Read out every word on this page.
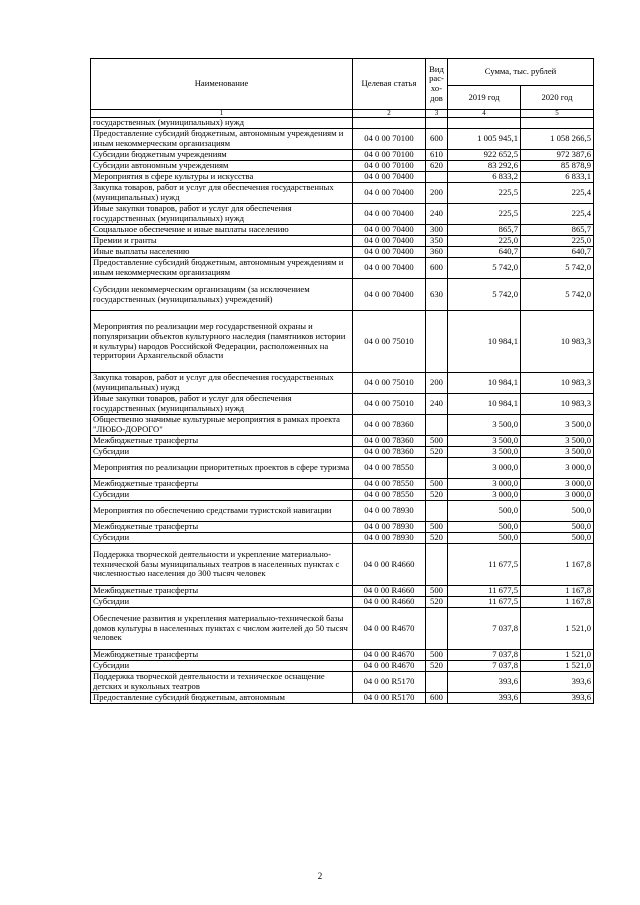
Наименование	Целевая статья	Вид рас- хо- дов	Сумма, тыс. рублей	
			2019 год	2020 год
1	2	3	4	5
государственных (муниципальных) нужд				
Предоставление субсидий бюджетным, автономным учреждениям и иным некоммерческим организациям	04 0 00 70100	600	1 005 945,1	1 058 266,5
Субсидии бюджетным учреждениям	04 0 00 70100	610	922 652,5	972 387,6
Субсидии автономным учреждениям	04 0 00 70100	620	83 292,6	85 878,9
Мероприятия в сфере культуры и искусства	04 0 00 70400		6 833,2	6 833,1
Закупка товаров, работ и услуг для обеспечения государственных (муниципальных) нужд	04 0 00 70400	200	225,5	225,4
Иные закупки товаров, работ и услуг для обеспечения государственных (муниципальных) нужд	04 0 00 70400	240	225,5	225,4
Социальное обеспечение и иные выплаты населению	04 0 00 70400	300	865,7	865,7
Премии и гранты	04 0 00 70400	350	225,0	225,0
Иные выплаты населению	04 0 00 70400	360	640,7	640,7
Предоставление субсидий бюджетным, автономным учреждениям и иным некоммерческим организациям	04 0 00 70400	600	5 742,0	5 742,0
Субсидии некоммерческим организациям (за исключением государственных (муниципальных) учреждений)	04 0 00 70400	630	5 742,0	5 742,0
Мероприятия по реализации мер государственной охраны и популяризации объектов культурного наследия (памятников истории и культуры) народов Российской Федерации, расположенных на территории Архангельской области	04 0 00 75010		10 984,1	10 983,3
Закупка товаров, работ и услуг для обеспечения государственных (муниципальных) нужд	04 0 00 75010	200	10 984,1	10 983,3
Иные закупки товаров, работ и услуг для обеспечения государственных (муниципальных) нужд	04 0 00 75010	240	10 984,1	10 983,3
Общественно значимые культурные мероприятия в рамках проекта "ЛЮБО-ДОРОГО"	04 0 00 78360		3 500,0	3 500,0
Межбюджетные трансферты	04 0 00 78360	500	3 500,0	3 500,0
Субсидии	04 0 00 78360	520	3 500,0	3 500,0
Мероприятия по реализации приоритетных проектов в сфере туризма	04 0 00 78550		3 000,0	3 000,0
Межбюджетные трансферты	04 0 00 78550	500	3 000,0	3 000,0
Субсидии	04 0 00 78550	520	3 000,0	3 000,0
Мероприятия по обеспечению средствами туристской навигации	04 0 00 78930		500,0	500,0
Межбюджетные трансферты	04 0 00 78930	500	500,0	500,0
Субсидии	04 0 00 78930	520	500,0	500,0
Поддержка творческой деятельности и укрепление материально-технической базы муниципальных театров в населенных пунктах с численностью населения до 300 тысяч человек	04 0 00 R4660		11 677,5	1 167,8
Межбюджетные трансферты	04 0 00 R4660	500	11 677,5	1 167,8
Субсидии	04 0 00 R4660	520	11 677,5	1 167,8
Обеспечение развития и укрепления материально-технической базы домов культуры в населенных пунктах с числом жителей до 50 тысяч человек	04 0 00 R4670		7 037,8	1 521,0
Межбюджетные трансферты	04 0 00 R4670	500	7 037,8	1 521,0
Субсидии	04 0 00 R4670	520	7 037,8	1 521,0
Поддержка творческой деятельности и техническое оснащение детских и кукольных театров	04 0 00 R5170		393,6	393,6
Предоставление субсидий бюджетным, автономным	04 0 00 R5170	600	393,6	393,6
2
